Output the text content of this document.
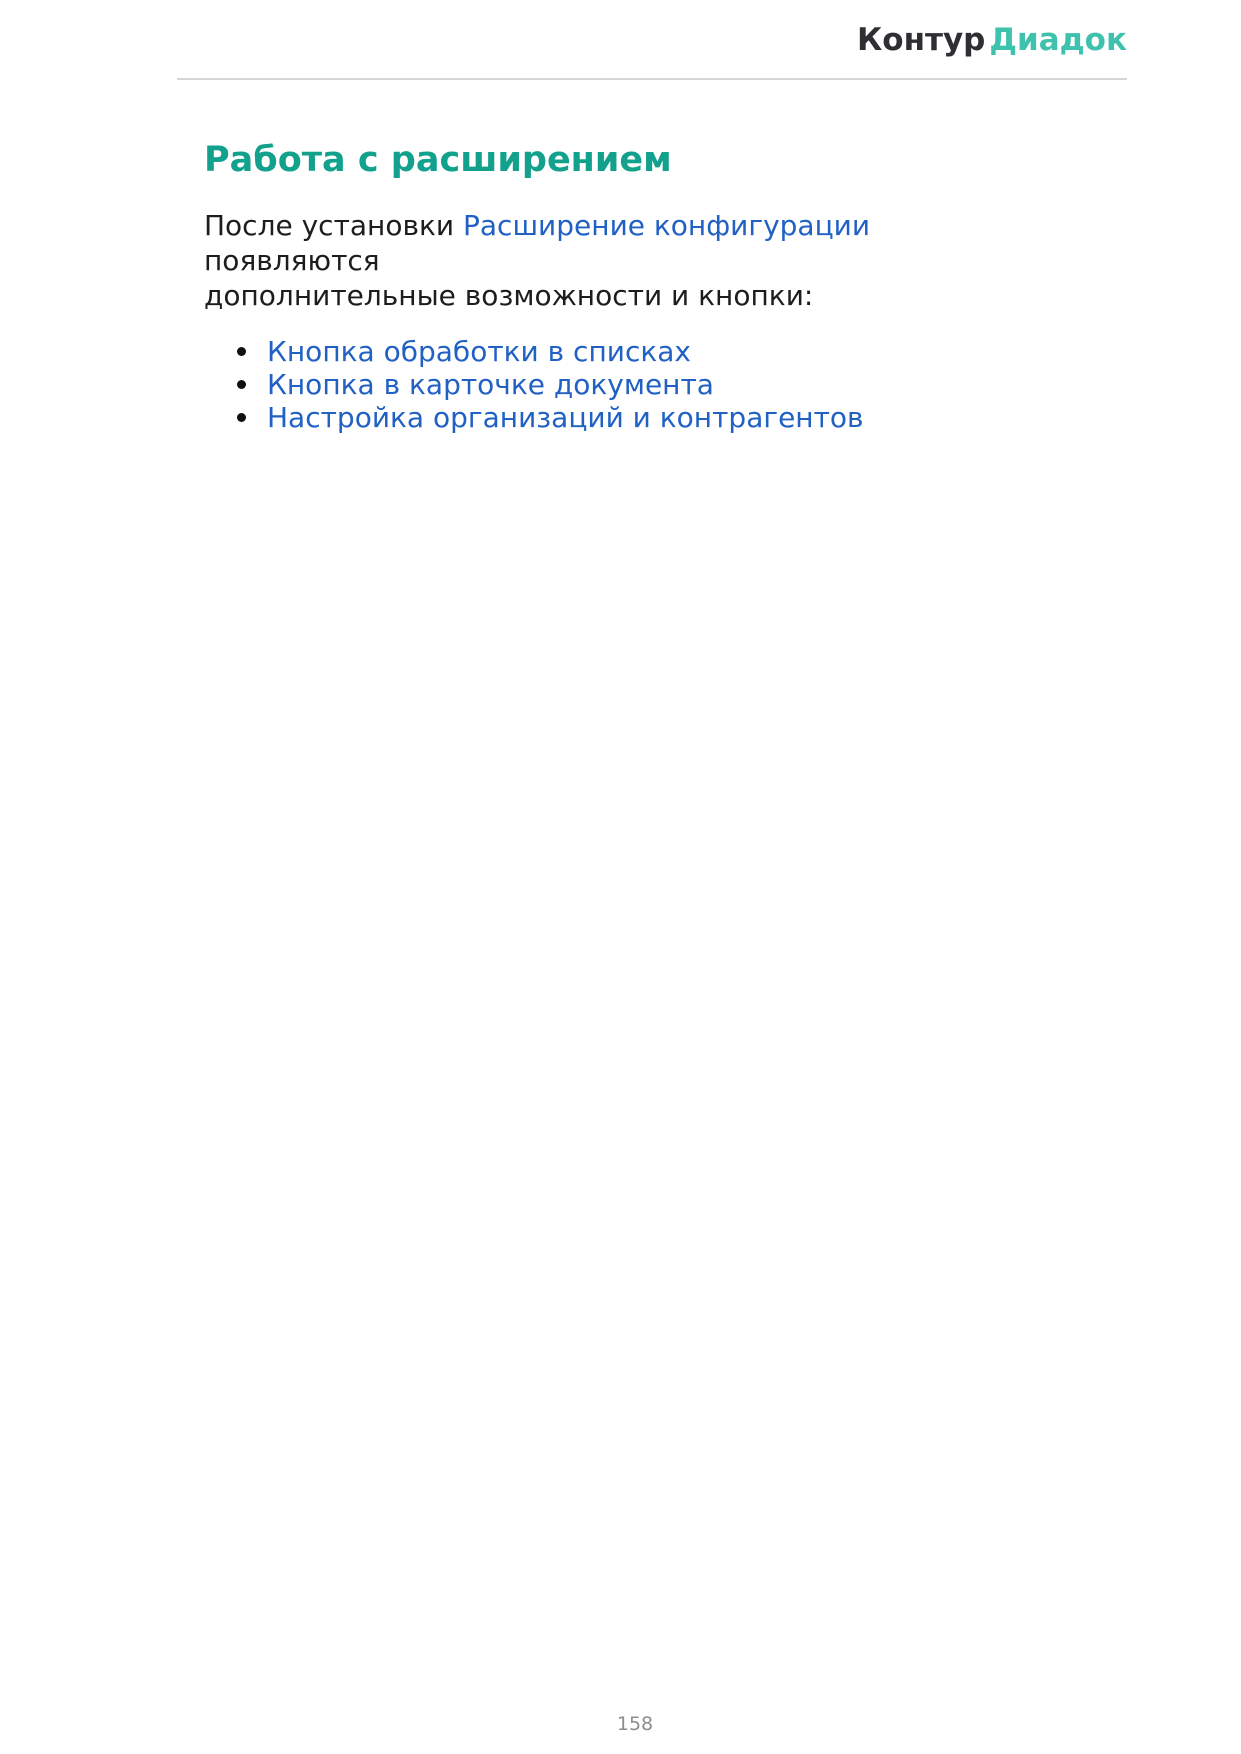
Контур Диадок
Работа с расширением

После установки Расширение конфигурации появляются
дополнительные возможности и кнопки:

Кнопка обработки в списках
Кнопка в карточке документа
Настройка организаций и контрагентов
158
